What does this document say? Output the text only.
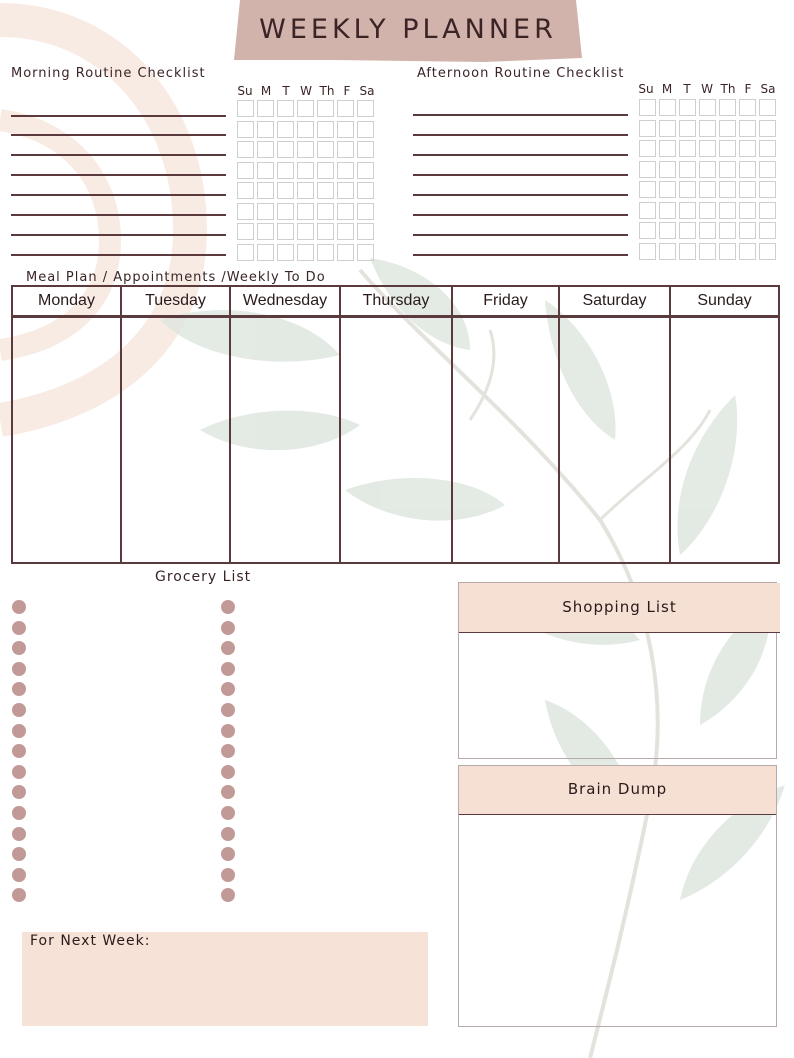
WEEKLY PLANNER
Morning Routine Checklist
Su M T W Th F Sa
Afternoon Routine Checklist
Su M T W Th F Sa
Meal Plan / Appointments /Weekly To Do
Monday	Tuesday	Wednesday	Thursday	Friday	Saturday	Sunday
Grocery List
Shopping List
Brain Dump
For Next Week:
